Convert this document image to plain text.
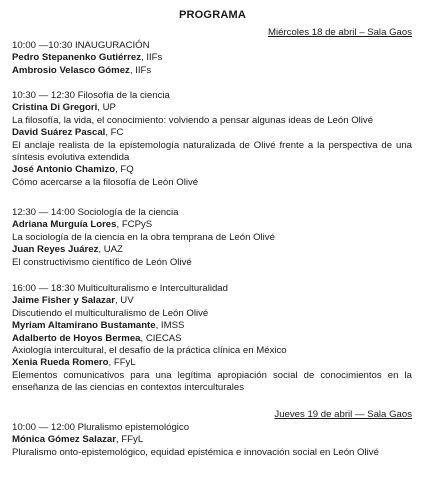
PROGRAMA
Miércoles 18 de abril – Sala Gaos
10:00 —10:30 INAUGURACIÓN
Pedro Stepanenko Gutiérrez, IIFs
Ambrosio Velasco Gómez, IIFs
10:30 — 12:30 Filosofía de la ciencia
Cristina Di Gregori, UP
La filosofía, la vida, el conocimiento: volviendo a pensar algunas ideas de León Olivé
David Suárez Pascal, FC
El anclaje realista de la epistemología naturalizada de Olivé frente a la perspectiva de una síntesis evolutiva extendida
José Antonio Chamizo, FQ
Cómo acercarse a la filosofía de León Olivé
12:30 — 14:00 Sociología de la ciencia
Adriana Murguía Lores, FCPyS
La sociología de la ciencia en la obra temprana de León Olivé
Juan Reyes Juárez, UAZ
El constructivismo científico de León Olivé
16:00 — 18:30 Multiculturalismo e Interculturalidad
Jaime Fisher y Salazar, UV
Discutiendo el multiculturalismo de León Olivé
Myriam Altamirano Bustamante, IMSS
Adalberto de Hoyos Bermea, CIECAS
Axiología intercultural, el desafío de la práctica clínica en México
Xenia Rueda Romero, FFyL
Elementos comunicativos para una legítima apropiación social de conocimientos en la enseñanza de las ciencias en contextos interculturales
Jueves 19 de abril — Sala Gaos
10:00 — 12:00 Pluralismo epistemológico
Mónica Gómez Salazar, FFyL
Pluralismo onto-epistemológico, equidad epistémica e innovación social en León Olivé
